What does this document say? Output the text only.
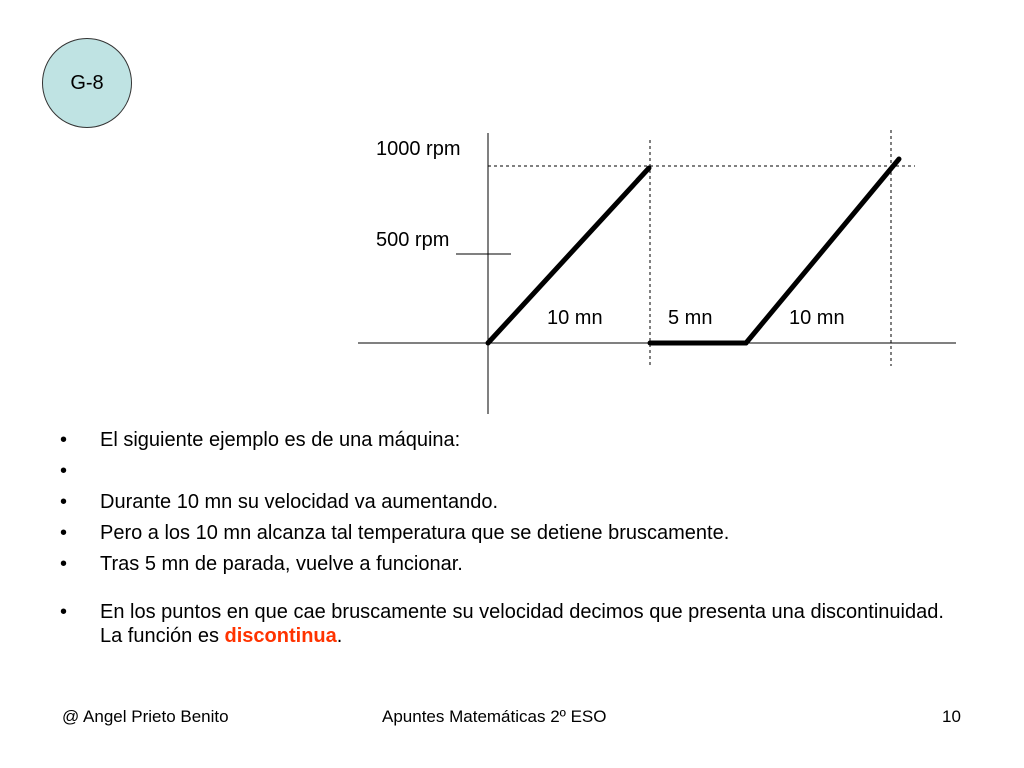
G-8
1000 rpm
500 rpm
10 mn	5 mn	10 mn
• El siguiente ejemplo es de una máquina:
•
• Durante 10 mn su velocidad va aumentando.
• Pero a los 10 mn alcanza tal temperatura que se detiene bruscamente.
• Tras 5 mn de parada, vuelve a funcionar.
• En los puntos en que cae bruscamente su velocidad decimos que presenta una discontinuidad. La función es discontinua.
@ Angel Prieto Benito	Apuntes Matemáticas 2º ESO	10
